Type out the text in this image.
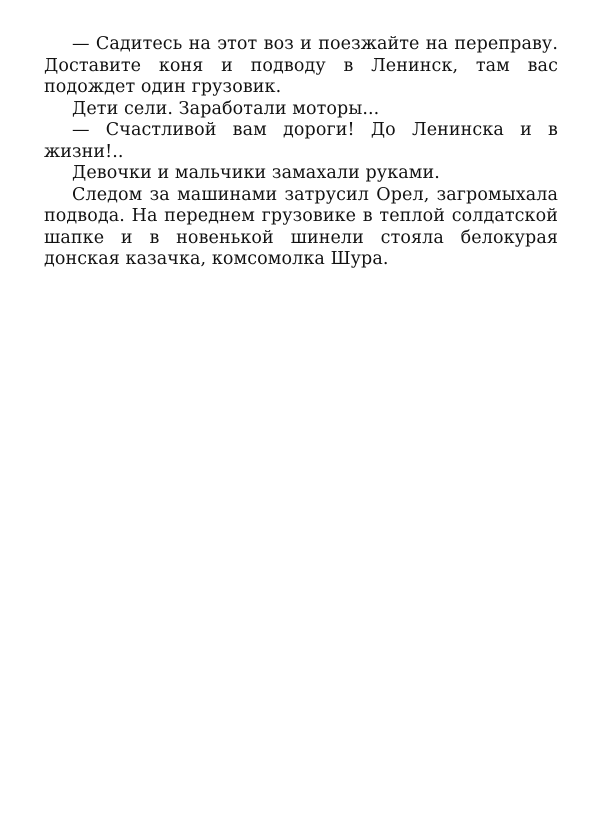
— Садитесь на этот воз и поезжайте на переправу. Доставите коня и подводу в Ленинск, там вас подождет один грузовик.

Дети сели. Заработали моторы...

— Счастливой вам дороги! До Ленинска и в жизни!..

Девочки и мальчики замахали руками.

Следом за машинами затрусил Орел, загромыхала подвода. На переднем грузовике в теплой солдатской шапке и в новенькой шинели стояла белокурая донская казачка, комсомолка Шура.
